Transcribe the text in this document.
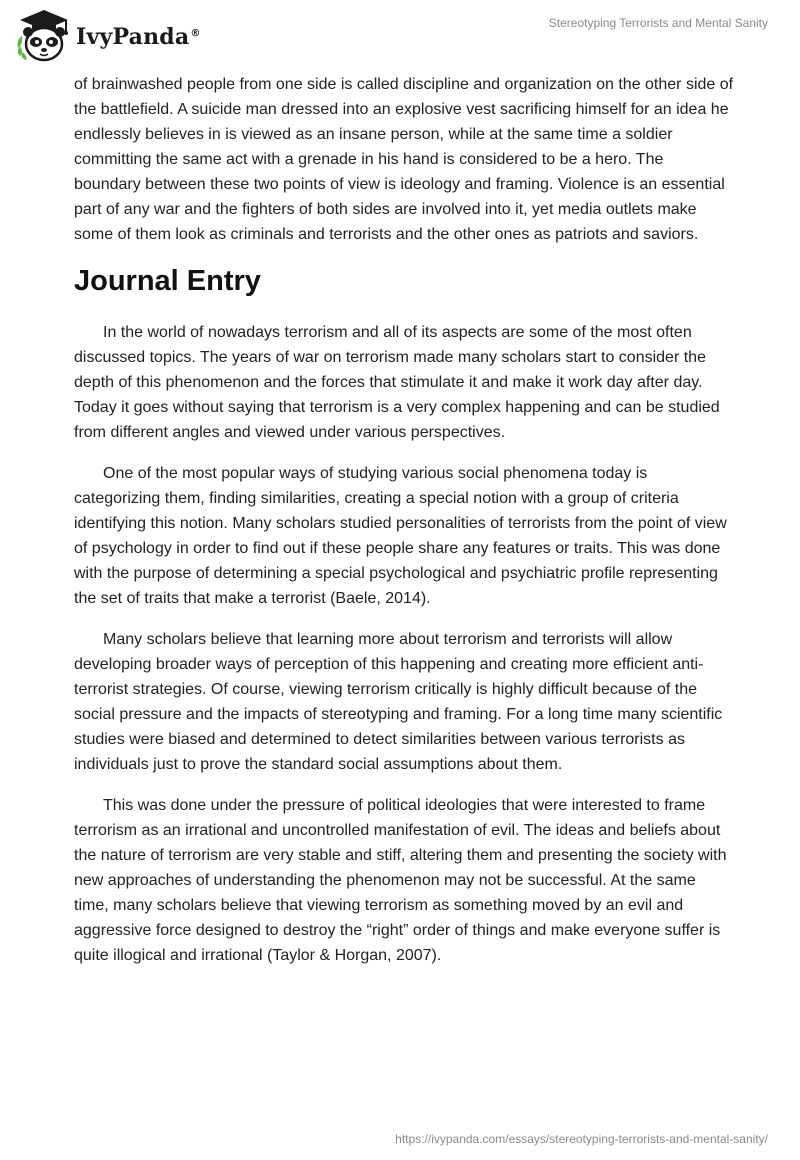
IvyPanda®
Stereotyping Terrorists and Mental Sanity

of brainwashed people from one side is called discipline and organization on the other side of the battlefield. A suicide man dressed into an explosive vest sacrificing himself for an idea he endlessly believes in is viewed as an insane person, while at the same time a soldier committing the same act with a grenade in his hand is considered to be a hero. The boundary between these two points of view is ideology and framing. Violence is an essential part of any war and the fighters of both sides are involved into it, yet media outlets make some of them look as criminals and terrorists and the other ones as patriots and saviors.

Journal Entry

In the world of nowadays terrorism and all of its aspects are some of the most often discussed topics. The years of war on terrorism made many scholars start to consider the depth of this phenomenon and the forces that stimulate it and make it work day after day. Today it goes without saying that terrorism is a very complex happening and can be studied from different angles and viewed under various perspectives.

One of the most popular ways of studying various social phenomena today is categorizing them, finding similarities, creating a special notion with a group of criteria identifying this notion. Many scholars studied personalities of terrorists from the point of view of psychology in order to find out if these people share any features or traits. This was done with the purpose of determining a special psychological and psychiatric profile representing the set of traits that make a terrorist (Baele, 2014).

Many scholars believe that learning more about terrorism and terrorists will allow developing broader ways of perception of this happening and creating more efficient anti-terrorist strategies. Of course, viewing terrorism critically is highly difficult because of the social pressure and the impacts of stereotyping and framing. For a long time many scientific studies were biased and determined to detect similarities between various terrorists as individuals just to prove the standard social assumptions about them.

This was done under the pressure of political ideologies that were interested to frame terrorism as an irrational and uncontrolled manifestation of evil. The ideas and beliefs about the nature of terrorism are very stable and stiff, altering them and presenting the society with new approaches of understanding the phenomenon may not be successful. At the same time, many scholars believe that viewing terrorism as something moved by an evil and aggressive force designed to destroy the “right” order of things and make everyone suffer is quite illogical and irrational (Taylor & Horgan, 2007).

https://ivypanda.com/essays/stereotyping-terrorists-and-mental-sanity/
